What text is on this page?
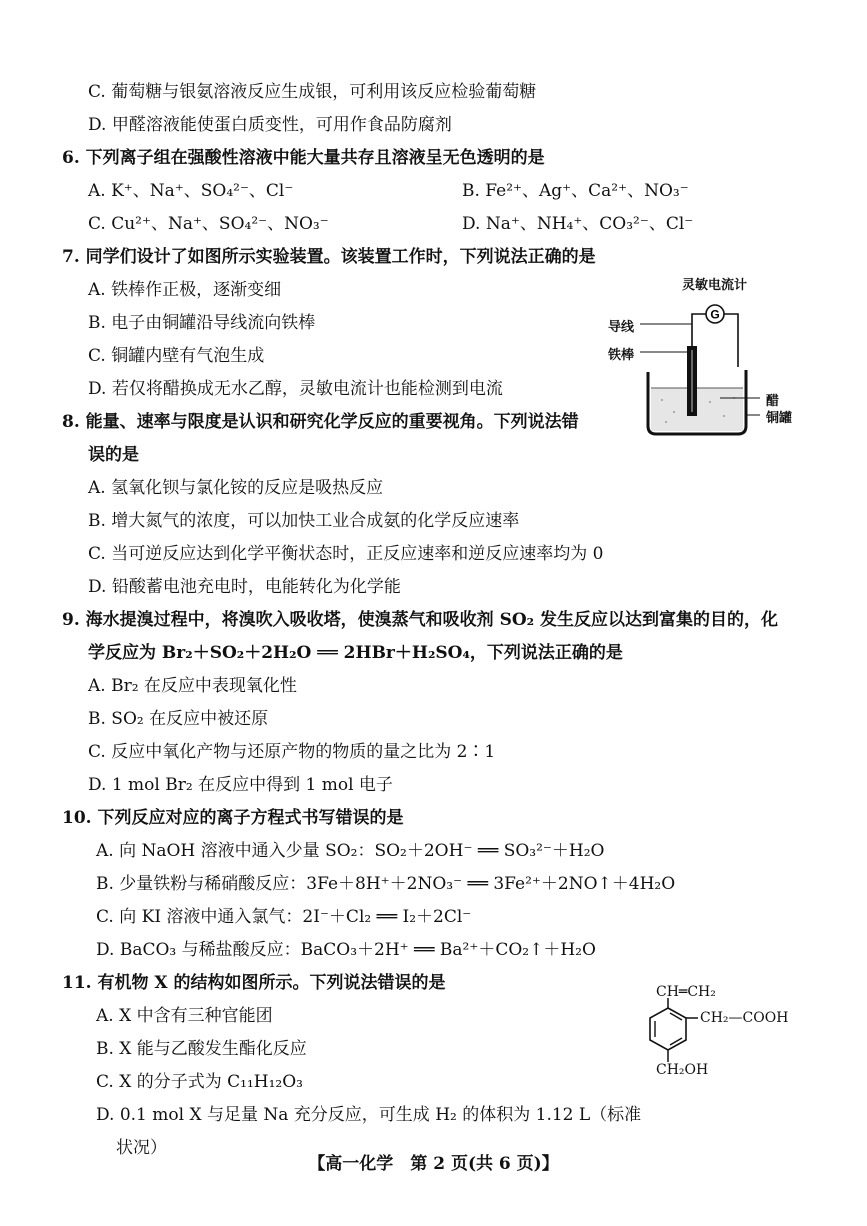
C. 葡萄糖与银氨溶液反应生成银，可利用该反应检验葡萄糖
D. 甲醛溶液能使蛋白质变性，可用作食品防腐剂
6. 下列离子组在强酸性溶液中能大量共存且溶液呈无色透明的是
A. K⁺、Na⁺、SO₄²⁻、Cl⁻	B. Fe²⁺、Ag⁺、Ca²⁺、NO₃⁻
C. Cu²⁺、Na⁺、SO₄²⁻、NO₃⁻	D. Na⁺、NH₄⁺、CO₃²⁻、Cl⁻
7. 同学们设计了如图所示实验装置。该装置工作时，下列说法正确的是
A. 铁棒作正极，逐渐变细
B. 电子由铜罐沿导线流向铁棒
C. 铜罐内壁有气泡生成
D. 若仅将醋换成无水乙醇，灵敏电流计也能检测到电流
8. 能量、速率与限度是认识和研究化学反应的重要视角。下列说法错
误的是
A. 氢氧化钡与氯化铵的反应是吸热反应
B. 增大氮气的浓度，可以加快工业合成氨的化学反应速率
C. 当可逆反应达到化学平衡状态时，正反应速率和逆反应速率均为 0
D. 铅酸蓄电池充电时，电能转化为化学能
9. 海水提溴过程中，将溴吹入吸收塔，使溴蒸气和吸收剂 SO₂ 发生反应以达到富集的目的，化
学反应为 Br₂＋SO₂＋2H₂O ══ 2HBr＋H₂SO₄，下列说法正确的是
A. Br₂ 在反应中表现氧化性
B. SO₂ 在反应中被还原
C. 反应中氧化产物与还原产物的物质的量之比为 2∶1
D. 1 mol Br₂ 在反应中得到 1 mol 电子
10. 下列反应对应的离子方程式书写错误的是
A. 向 NaOH 溶液中通入少量 SO₂：SO₂＋2OH⁻ ══ SO₃²⁻＋H₂O
B. 少量铁粉与稀硝酸反应：3Fe＋8H⁺＋2NO₃⁻ ══ 3Fe²⁺＋2NO↑＋4H₂O
C. 向 KI 溶液中通入氯气：2I⁻＋Cl₂ ══ I₂＋2Cl⁻
D. BaCO₃ 与稀盐酸反应：BaCO₃＋2H⁺ ══ Ba²⁺＋CO₂↑＋H₂O
11. 有机物 X 的结构如图所示。下列说法错误的是
A. X 中含有三种官能团
B. X 能与乙酸发生酯化反应
C. X 的分子式为 C₁₁H₁₂O₃
D. 0.1 mol X 与足量 Na 充分反应，可生成 H₂ 的体积为 1.12 L（标准
状况）
G
灵敏电流计
导线
铁棒
醋
铜罐
CH═CH₂
CH₂—COOH
CH₂OH
【高一化学　第 2 页(共 6 页)】
